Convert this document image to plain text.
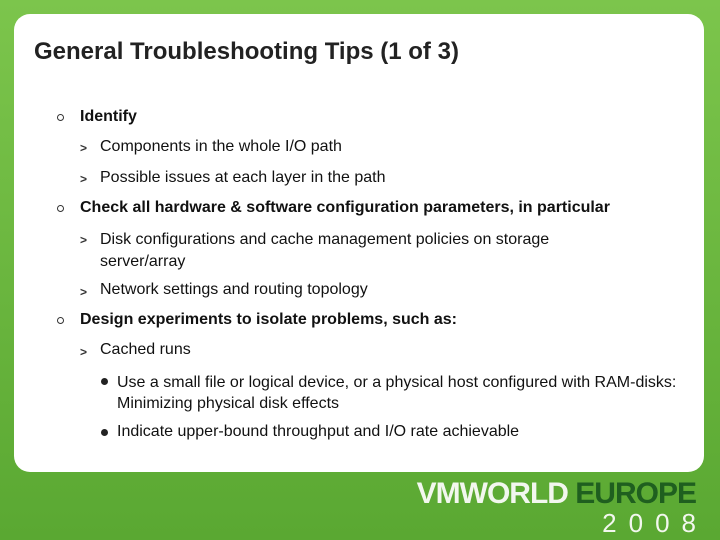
General Troubleshooting Tips (1 of 3)
Identify
> Components in the whole I/O path
> Possible issues at each layer in the path
Check all hardware & software configuration parameters, in particular
> Disk configurations and cache management policies on storage server/array
> Network settings and routing topology
Design experiments to isolate problems, such as:
> Cached runs
Use a small file or logical device, or a physical host configured with RAM-disks: Minimizing physical disk effects
Indicate upper-bound throughput and I/O rate achievable
VMWORLD EUROPE
2008
